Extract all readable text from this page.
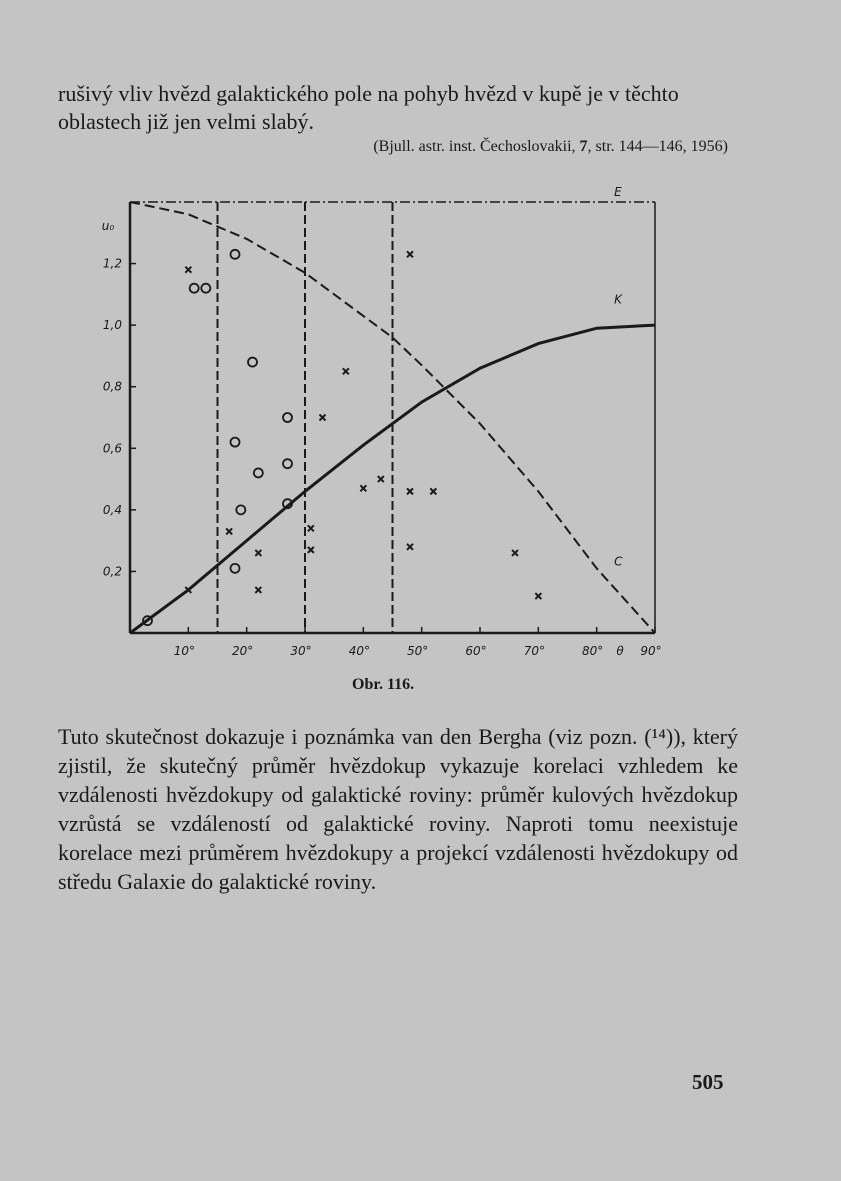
rušivý vliv hvězd galaktického pole na pohyb hvězd v kupě je v těchto oblastech již jen velmi slabý.

(Bjull. astr. inst. Čechoslovakii, 7, str. 144—146, 1956)

10°	20°	30°	40°	50°	60°	70°	80°	90°
θ
0,2
0,4
0,6
0,8
1,0
1,2
u₀
E
K
C

Obr. 116.

Tuto skutečnost dokazuje i poznámka van den Bergha (viz pozn. (¹⁴)), který zjistil, že skutečný průměr hvězdokup vykazuje korelaci vzhledem ke vzdálenosti hvězdokupy od galaktické roviny: průměr kulových hvězdokup vzrůstá se vzdáleností od galaktické roviny. Naproti tomu neexistuje korelace mezi průměrem hvězdokupy a projekcí vzdálenosti hvězdokupy od středu Galaxie do galaktické roviny.

505
